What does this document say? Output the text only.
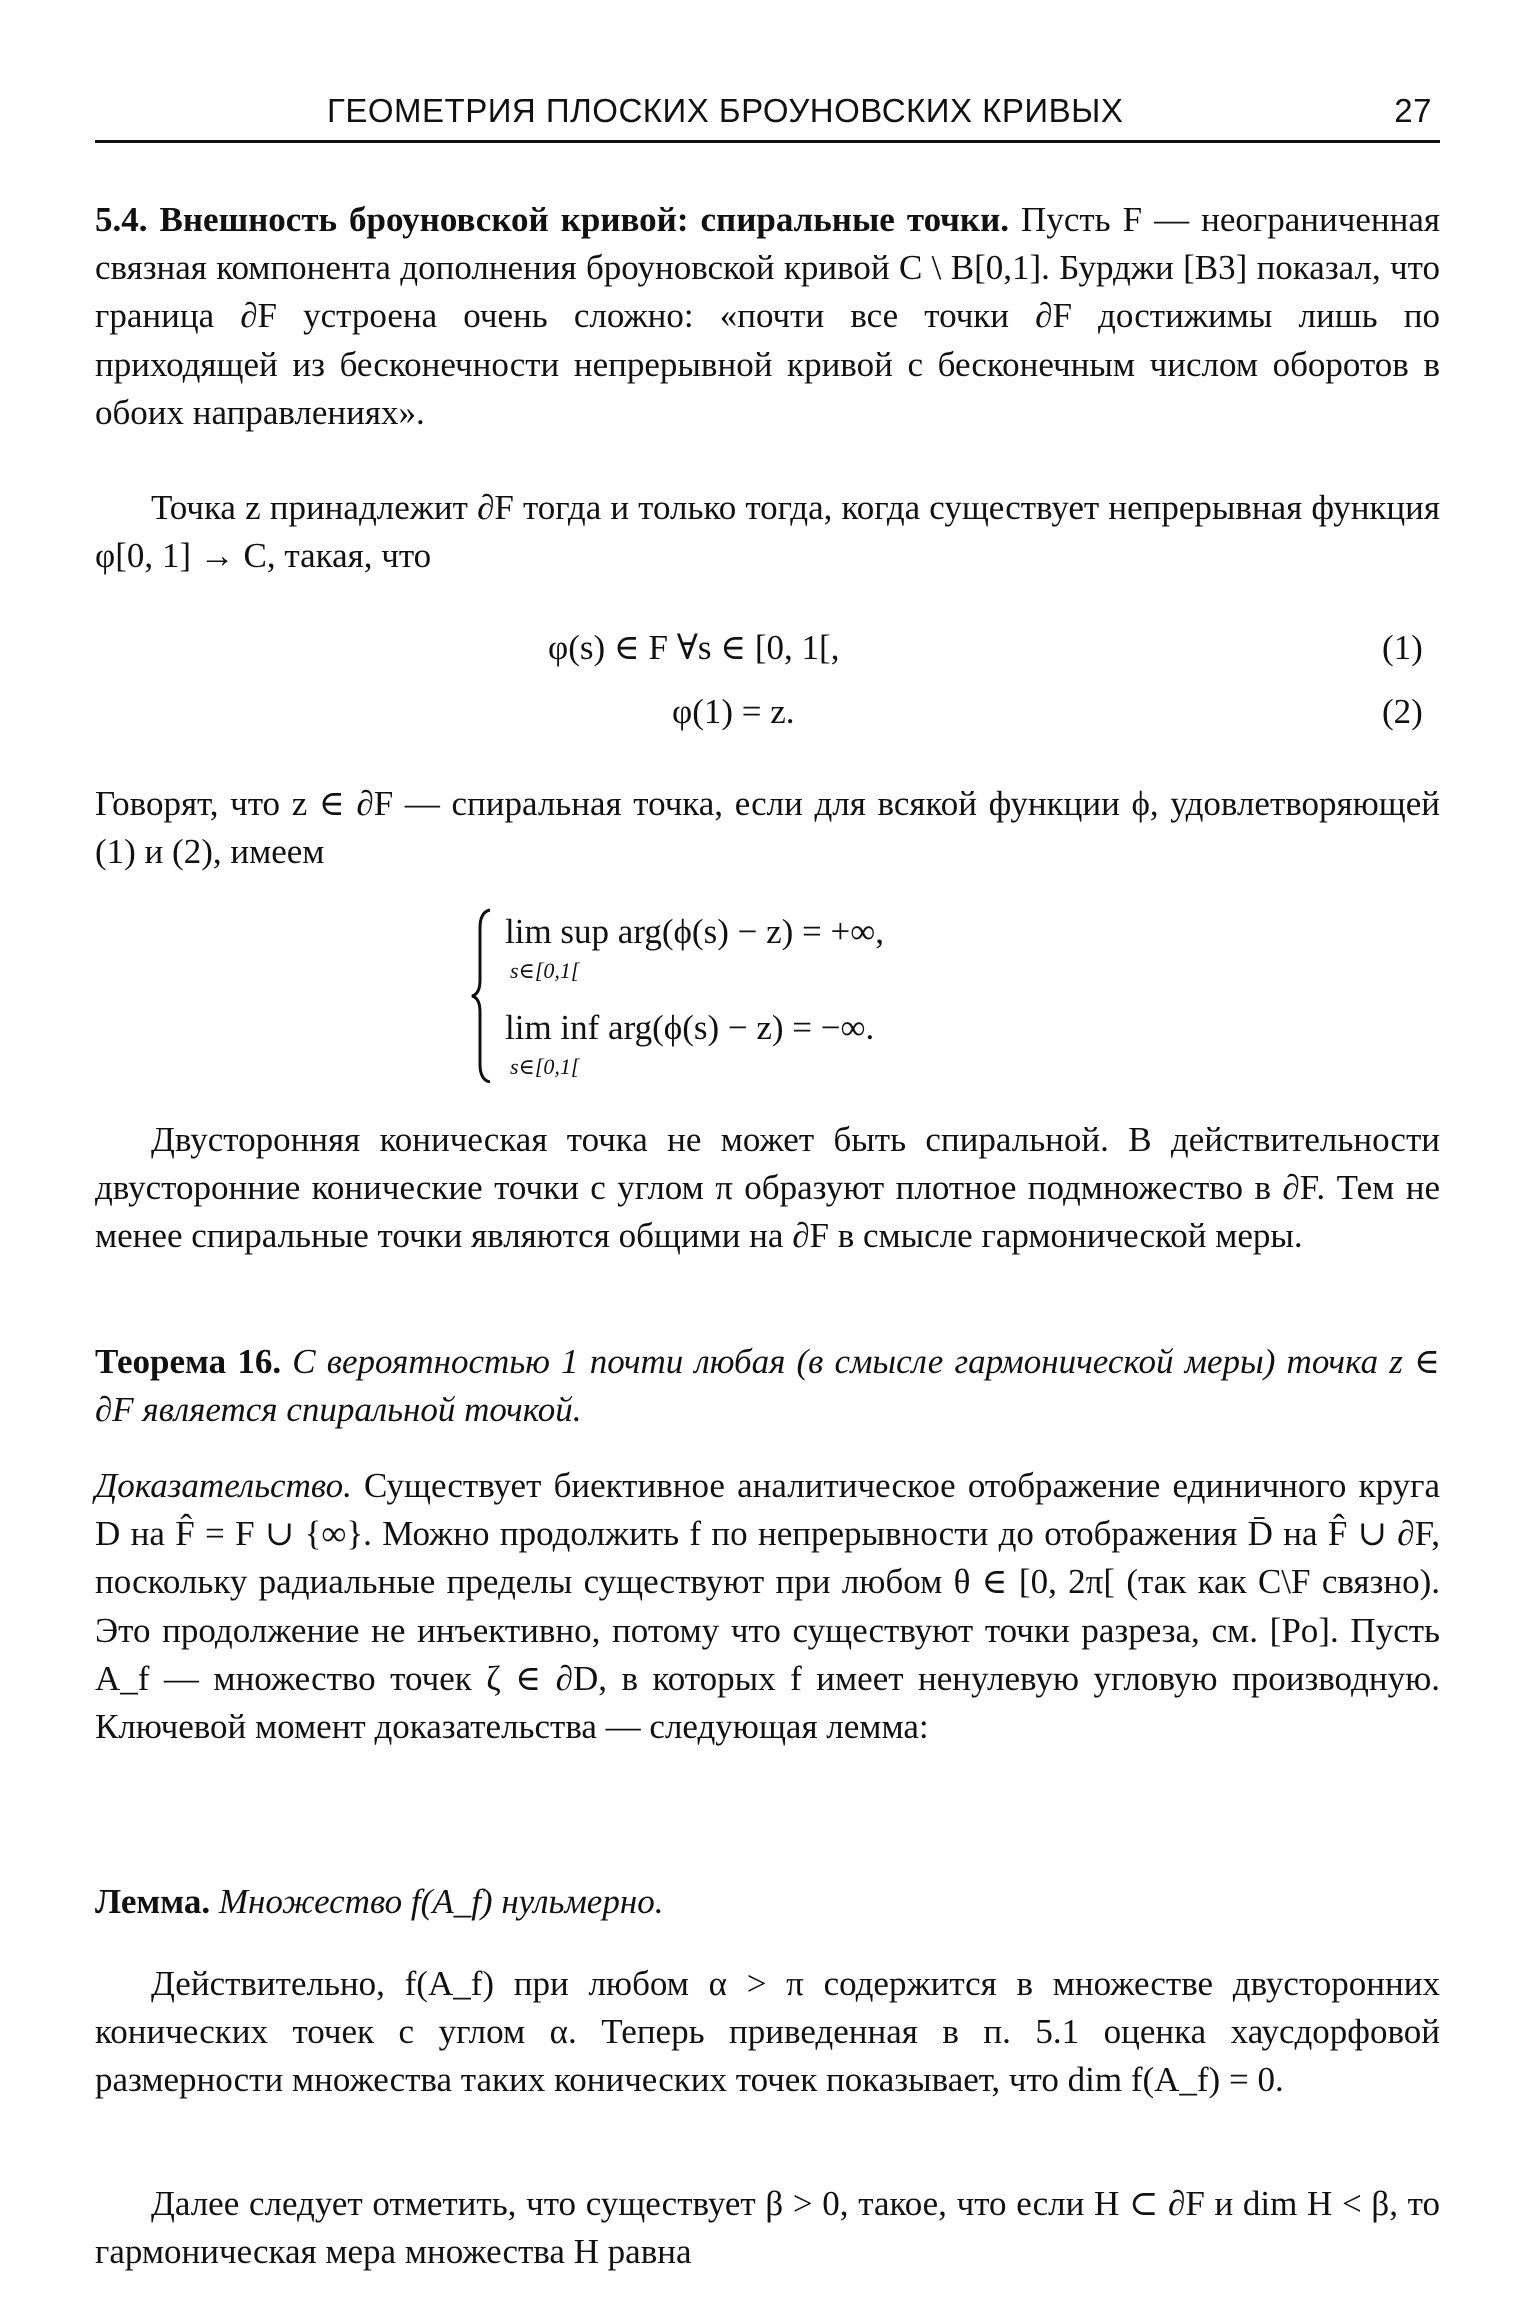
ГЕОМЕТРИЯ ПЛОСКИХ БРОУНОВСКИХ КРИВЫХ	27
5.4. Внешность броуновской кривой: спиральные точки. Пусть F — неограниченная связная компонента дополнения броуновской кривой C \ B[0,1]. Бурджи [B3] показал, что граница ∂F устроена очень сложно: «почти все точки ∂F достижимы лишь по приходящей из бесконечности непрерывной кривой с бесконечным числом оборотов в обоих направлениях».
Точка z принадлежит ∂F тогда и только тогда, когда существует непрерывная функция φ[0, 1] → C, такая, что
φ(s) ∈ F ∀s ∈ [0, 1[,	(1)
φ(1) = z.	(2)
Говорят, что z ∈ ∂F — спиральная точка, если для всякой функции ϕ, удовлетворяющей (1) и (2), имеем
lim sup arg(ϕ(s) − z) = +∞,
s∈[0,1[
lim inf arg(ϕ(s) − z) = −∞.
s∈[0,1[
Двусторонняя коническая точка не может быть спиральной. В действительности двусторонние конические точки с углом π образуют плотное подмножество в ∂F. Тем не менее спиральные точки являются общими на ∂F в смысле гармонической меры.
Теорема 16. С вероятностью 1 почти любая (в смысле гармонической меры) точка z ∈ ∂F является спиральной точкой.
Доказательство. Существует биективное аналитическое отображение единичного круга D на F̂ = F ∪ {∞}. Можно продолжить f по непрерывности до отображения D̄ на F̂ ∪ ∂F, поскольку радиальные пределы существуют при любом θ ∈ [0, 2π[ (так как C\F связно). Это продолжение не инъективно, потому что существуют точки разреза, см. [Po]. Пусть A_f — множество точек ζ ∈ ∂D, в которых f имеет ненулевую угловую производную. Ключевой момент доказательства — следующая лемма:
Лемма. Множество f(A_f) нульмерно.
Действительно, f(A_f) при любом α > π содержится в множестве двусторонних конических точек с углом α. Теперь приведенная в п. 5.1 оценка хаусдорфовой размерности множества таких конических точек показывает, что dim f(A_f) = 0.
Далее следует отметить, что существует β > 0, такое, что если H ⊂ ∂F и dim H < β, то гармоническая мера множества H равна
